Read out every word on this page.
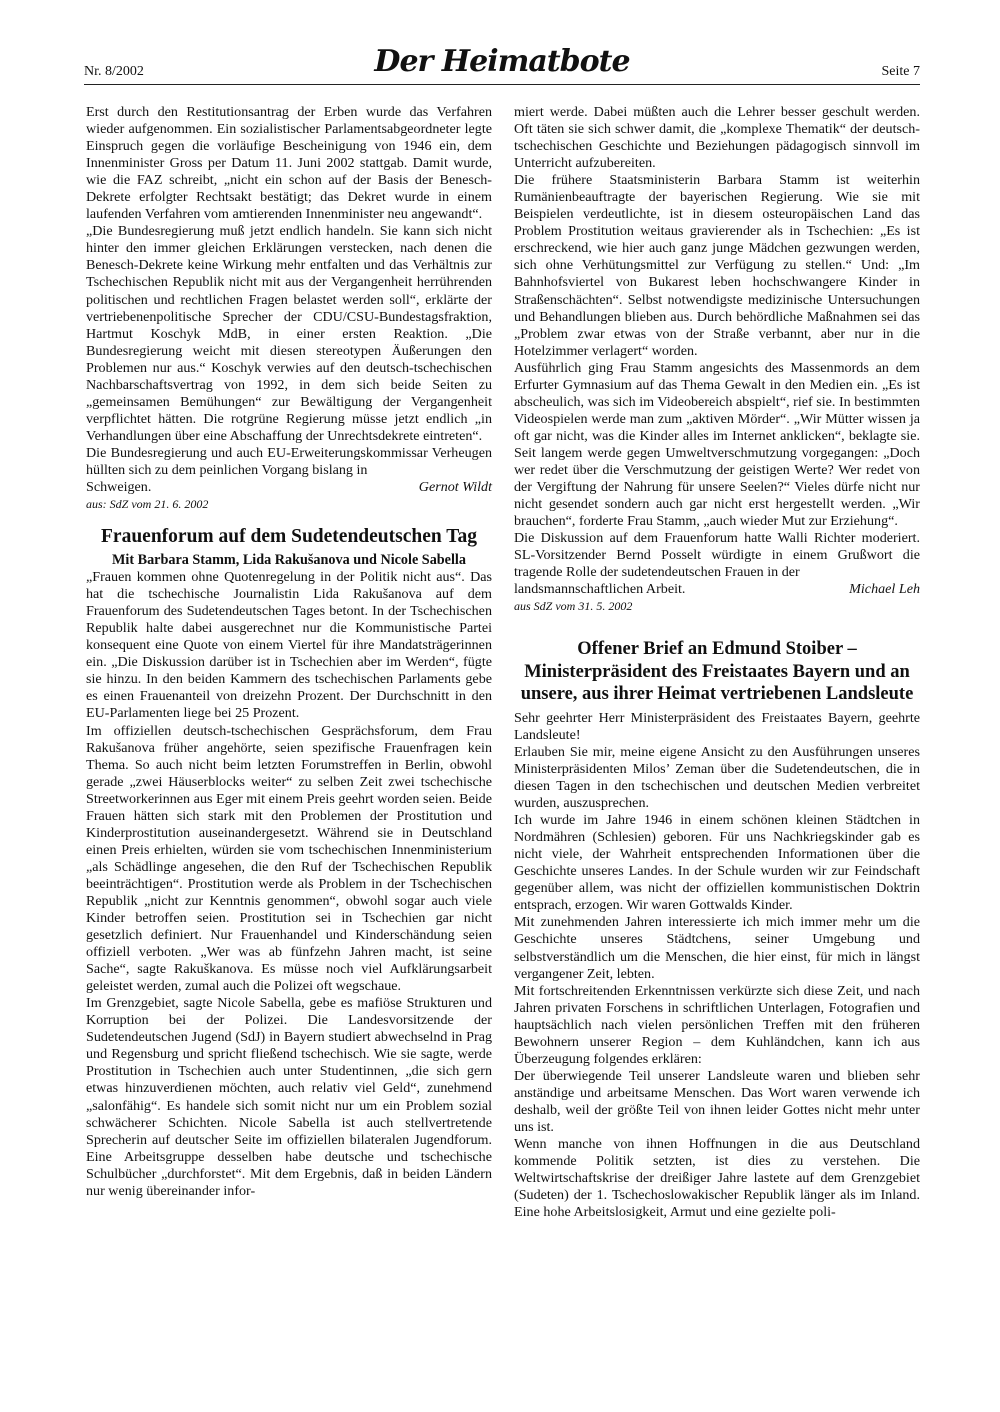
Nr. 8/2002	Der Heimatbote	Seite 7

Erst durch den Restitutionsantrag der Erben wurde das Verfahren wieder aufgenommen. Ein sozialistischer Parlamentsabgeordneter legte Einspruch gegen die vorläufige Bescheinigung von 1946 ein, dem Innenminister Gross per Datum 11. Juni 2002 stattgab. Damit wurde, wie die FAZ schreibt, „nicht ein schon auf der Basis der Benesch-Dekrete erfolgter Rechtsakt bestätigt; das Dekret wurde in einem laufenden Verfahren vom amtierenden Innenminister neu angewandt“.

„Die Bundesregierung muß jetzt endlich handeln. Sie kann sich nicht hinter den immer gleichen Erklärungen verstecken, nach denen die Benesch-Dekrete keine Wirkung mehr entfalten und das Verhältnis zur Tschechischen Republik nicht mit aus der Vergangenheit herrührenden politischen und rechtlichen Fragen belastet werden soll“, erklärte der vertriebenenpolitische Sprecher der CDU/CSU-Bundestagsfraktion, Hartmut Koschyk MdB, in einer ersten Reaktion. „Die Bundesregierung weicht mit diesen stereotypen Äußerungen den Problemen nur aus.“ Koschyk verwies auf den deutsch-tschechischen Nachbarschaftsvertrag von 1992, in dem sich beide Seiten zu „gemeinsamen Bemühungen“ zur Bewältigung der Vergangenheit verpflichtet hätten. Die rotgrüne Regierung müsse jetzt endlich „in Verhandlungen über eine Abschaffung der Unrechtsdekrete eintreten“.

Die Bundesregierung und auch EU-Erweiterungskommissar Verheugen hüllten sich zu dem peinlichen Vorgang bislang in

Schweigen.	Gernot Wildt

aus: SdZ vom 21. 6. 2002

Frauenforum auf dem Sudetendeutschen Tag
Mit Barbara Stamm, Lida Rakušanova und Nicole Sabella

„Frauen kommen ohne Quotenregelung in der Politik nicht aus“. Das hat die tschechische Journalistin Lida Rakušanova auf dem Frauenforum des Sudetendeutschen Tages betont. In der Tschechischen Republik halte dabei ausgerechnet nur die Kommunistische Partei konsequent eine Quote von einem Viertel für ihre Mandatsträgerinnen ein. „Die Diskussion darüber ist in Tschechien aber im Werden“, fügte sie hinzu. In den beiden Kammern des tschechischen Parlaments gebe es einen Frauenanteil von dreizehn Prozent. Der Durchschnitt in den EU-Parlamenten liege bei 25 Prozent.

Im offiziellen deutsch-tschechischen Gesprächsforum, dem Frau Rakušanova früher angehörte, seien spezifische Frauenfragen kein Thema. So auch nicht beim letzten Forumstreffen in Berlin, obwohl gerade „zwei Häuserblocks weiter“ zu selben Zeit zwei tschechische Streetworkerinnen aus Eger mit einem Preis geehrt worden seien. Beide Frauen hätten sich stark mit den Problemen der Prostitution und Kinderprostitution auseinandergesetzt. Während sie in Deutschland einen Preis erhielten, würden sie vom tschechischen Innenministerium „als Schädlinge angesehen, die den Ruf der Tschechischen Republik beeinträchtigen“. Prostitution werde als Problem in der Tschechischen Republik „nicht zur Kenntnis genommen“, obwohl sogar auch viele Kinder betroffen seien. Prostitution sei in Tschechien gar nicht gesetzlich definiert. Nur Frauenhandel und Kinderschändung seien offiziell verboten. „Wer was ab fünfzehn Jahren macht, ist seine Sache“, sagte Rakuškanova. Es müsse noch viel Aufklärungsarbeit geleistet werden, zumal auch die Polizei oft wegschaue.

Im Grenzgebiet, sagte Nicole Sabella, gebe es mafiöse Strukturen und Korruption bei der Polizei. Die Landesvorsitzende der Sudetendeutschen Jugend (SdJ) in Bayern studiert abwechselnd in Prag und Regensburg und spricht fließend tschechisch. Wie sie sagte, werde Prostitution in Tschechien auch unter Studentinnen, „die sich gern etwas hinzuverdienen möchten, auch relativ viel Geld“, zunehmend „salonfähig“. Es handele sich somit nicht nur um ein Problem sozial schwächerer Schichten. Nicole Sabella ist auch stellvertretende Sprecherin auf deutscher Seite im offiziellen bilateralen Jugendforum. Eine Arbeitsgruppe desselben habe deutsche und tschechische Schulbücher „durchforstet“. Mit dem Ergebnis, daß in beiden Ländern nur wenig übereinander infor-

miert werde. Dabei müßten auch die Lehrer besser geschult werden. Oft täten sie sich schwer damit, die „komplexe Thematik“ der deutsch-tschechischen Geschichte und Beziehungen pädagogisch sinnvoll im Unterricht aufzubereiten.

Die frühere Staatsministerin Barbara Stamm ist weiterhin Rumänienbeauftragte der bayerischen Regierung. Wie sie mit Beispielen verdeutlichte, ist in diesem osteuropäischen Land das Problem Prostitution weitaus gravierender als in Tschechien: „Es ist erschreckend, wie hier auch ganz junge Mädchen gezwungen werden, sich ohne Verhütungsmittel zur Verfügung zu stellen.“ Und: „Im Bahnhofsviertel von Bukarest leben hochschwangere Kinder in Straßenschächten“. Selbst notwendigste medizinische Untersuchungen und Behandlungen blieben aus. Durch behördliche Maßnahmen sei das „Problem zwar etwas von der Straße verbannt, aber nur in die Hotelzimmer verlagert“ worden.

Ausführlich ging Frau Stamm angesichts des Massenmords an dem Erfurter Gymnasium auf das Thema Gewalt in den Medien ein. „Es ist abscheulich, was sich im Videobereich abspielt“, rief sie. In bestimmten Videospielen werde man zum „aktiven Mörder“. „Wir Mütter wissen ja oft gar nicht, was die Kinder alles im Internet anklicken“, beklagte sie. Seit langem werde gegen Umweltverschmutzung vorgegangen: „Doch wer redet über die Verschmutzung der geistigen Werte? Wer redet von der Vergiftung der Nahrung für unsere Seelen?“ Vieles dürfe nicht nur nicht gesendet sondern auch gar nicht erst hergestellt werden. „Wir brauchen“, forderte Frau Stamm, „auch wieder Mut zur Erziehung“.

Die Diskussion auf dem Frauenforum hatte Walli Richter moderiert. SL-Vorsitzender Bernd Posselt würdigte in einem Grußwort die tragende Rolle der sudetendeutschen Frauen in der

landsmannschaftlichen Arbeit.	Michael Leh

aus SdZ vom 31. 5. 2002

Offener Brief an Edmund Stoiber – Ministerpräsident des Freistaates Bayern und an unsere, aus ihrer Heimat vertriebenen Landsleute

Sehr geehrter Herr Ministerpräsident des Freistaates Bayern, geehrte Landsleute!

Erlauben Sie mir, meine eigene Ansicht zu den Ausführungen unseres Ministerpräsidenten Milos’ Zeman über die Sudetendeutschen, die in diesen Tagen in den tschechischen und deutschen Medien verbreitet wurden, auszusprechen.

Ich wurde im Jahre 1946 in einem schönen kleinen Städtchen in Nordmähren (Schlesien) geboren. Für uns Nachkriegskinder gab es nicht viele, der Wahrheit entsprechenden Informationen über die Geschichte unseres Landes. In der Schule wurden wir zur Feindschaft gegenüber allem, was nicht der offiziellen kommunistischen Doktrin entsprach, erzogen. Wir waren Gottwalds Kinder.

Mit zunehmenden Jahren interessierte ich mich immer mehr um die Geschichte unseres Städtchens, seiner Umgebung und selbstverständlich um die Menschen, die hier einst, für mich in längst vergangener Zeit, lebten.

Mit fortschreitenden Erkenntnissen verkürzte sich diese Zeit, und nach Jahren privaten Forschens in schriftlichen Unterlagen, Fotografien und hauptsächlich nach vielen persönlichen Treffen mit den früheren Bewohnern unserer Region – dem Kuhländchen, kann ich aus Überzeugung folgendes erklären:

Der überwiegende Teil unserer Landsleute waren und blieben sehr anständige und arbeitsame Menschen. Das Wort waren verwende ich deshalb, weil der größte Teil von ihnen leider Gottes nicht mehr unter uns ist.

Wenn manche von ihnen Hoffnungen in die aus Deutschland kommende Politik setzten, ist dies zu verstehen. Die Weltwirtschaftskrise der dreißiger Jahre lastete auf dem Grenzgebiet (Sudeten) der 1. Tschechoslowakischer Republik länger als im Inland. Eine hohe Arbeitslosigkeit, Armut und eine gezielte poli-
